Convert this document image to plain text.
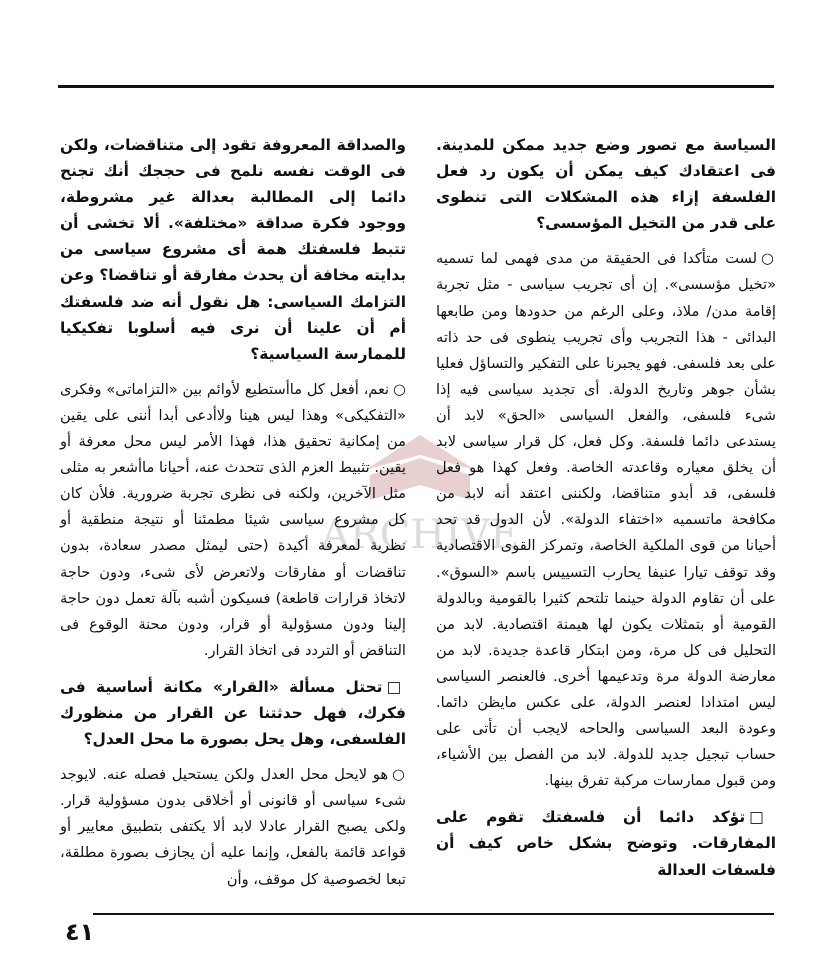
ARCHIVE

السياسة مع تصور وضع جديد ممكن للمدينة. فى اعتقادك كيف يمكن أن يكون رد فعل الفلسفة إزاء هذه المشكلات التى تنطوى على قدر من التخيل المؤسسى؟

○لست متأكدا فى الحقيقة من مدى فهمى لما تسميه «تخيل مؤسسى». إن أى تجريب سياسى - مثل تجربة إقامة مدن/ ملاذ، وعلى الرغم من حدودها ومن طابعها البدائى - هذا التجريب وأى تجريب ينطوى فى حد ذاته على بعد فلسفى. فهو يجبرنا على التفكير والتساؤل فعليا بشأن جوهر وتاريخ الدولة. أى تجديد سياسى فيه إذا شىء فلسفى، والفعل السياسى «الحق» لابد أن يستدعى دائما فلسفة. وكل فعل، كل قرار سياسى لابد أن يخلق معياره وقاعدته الخاصة. وفعل كهذا هو فعل فلسفى، قد أبدو متناقضا، ولكننى اعتقد أنه لابد من مكافحة ماتسميه «اختفاء الدولة». لأن الدول قد تحد أحيانا من قوى الملكية الخاصة، وتمركز القوى الاقتصادية وقد توقف تيارا عنيفا يحارب التسييس باسم «السوق». على أن تقاوم الدولة حينما تلتحم كثيرا بالقومية وبالدولة القومية أو بتمثلات يكون لها هيمنة اقتصادية. لابد من التحليل فى كل مرة، ومن ابتكار قاعدة جديدة. لابد من معارضة الدولة مرة وتدعيمها أخرى. فالعنصر السياسى ليس امتدادا لعنصر الدولة، على عكس مايظن دائما. وعودة البعد السياسى والحاحه لايجب أن تأتى على حساب تبجيل جديد للدولة. لابد من الفصل بين الأشياء، ومن قبول ممارسات مركبة تفرق بينها.

□تؤكد دائما أن فلسفتك تقوم على المفارقات. وتوضح بشكل خاص كيف أن فلسفات العدالة

والصداقة المعروفة تقود إلى متناقضات، ولكن فى الوقت نفسه نلمح فى حججك أنك تجنح دائما إلى المطالبة بعدالة غير مشروطة، ووجود فكرة صداقة «مختلفة». ألا تخشى أن تتبط فلسفتك همة أى مشروع سياسى من بدايته مخافة أن يحدث مفارقة أو تناقضا؟ وعن التزامك السياسى: هل نقول أنه ضد فلسفتك أم أن علينا أن نرى فيه أسلوبا تفكيكيا للممارسة السياسية؟

○نعم، أفعل كل ماأستطيع لأوائم بين «التزاماتى» وفكرى «التفكيكى» وهذا ليس هينا ولاأدعى أبدا أننى على يقين من إمكانية تحقيق هذا، فهذا الأمر ليس محل معرفة أو يقين. تثبيط العزم الذى تتحدث عنه، أحيانا ماأشعر به مثلى مثل الآخرين، ولكنه فى نظرى تجربة ضرورية. فلأن كان كل مشروع سياسى شيئا مطمئنا أو نتيجة منطقية أو نظرية لمعرفة أكيدة (حتى ليمثل مصدر سعادة، بدون تناقضات أو مفارقات ولاتعرض لأى شىء، ودون حاجة لاتخاذ قرارات قاطعة) فسيكون أشبه بآلة تعمل دون حاجة إلينا ودون مسؤولية أو قرار، ودون محنة الوقوع فى التناقض أو التردد فى اتخاذ القرار.

□تحتل مسألة «القرار» مكانة أساسية فى فكرك، فهل حدثتنا عن القرار من منظورك الفلسفى، وهل يحل بصورة ما محل العدل؟

○هو لايحل محل العدل ولكن يستحيل فصله عنه. لايوجد شىء سياسى أو قانونى أو أخلاقى بدون مسؤولية قرار. ولكى يصبح القرار عادلا لابد ألا يكتفى بتطبيق معايير أو قواعد قائمة بالفعل، وإنما عليه أن يجازف بصورة مطلقة، تبعا لخصوصية كل موقف، وأن

٤١
